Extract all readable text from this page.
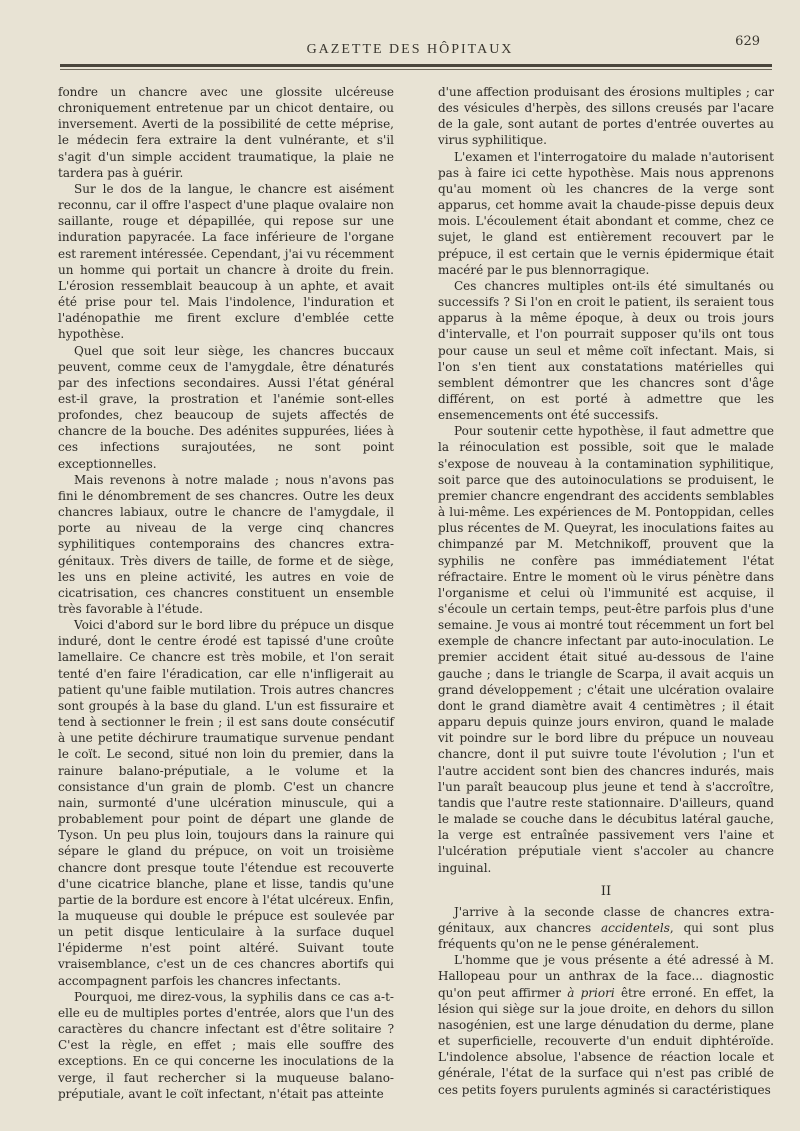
GAZETTE DES HÔPITAUX
629

fondre un chancre avec une glossite ulcéreuse chroniquement entretenue par un chicot dentaire, ou inversement. Averti de la possibilité de cette méprise, le médecin fera extraire la dent vulnérante, et s'il s'agit d'un simple accident traumatique, la plaie ne tardera pas à guérir.

Sur le dos de la langue, le chancre est aisément reconnu, car il offre l'aspect d'une plaque ovalaire non saillante, rouge et dépapillée, qui repose sur une induration papyracée. La face inférieure de l'organe est rarement intéressée. Cependant, j'ai vu récemment un homme qui portait un chancre à droite du frein. L'érosion ressemblait beaucoup à un aphte, et avait été prise pour tel. Mais l'indolence, l'induration et l'adénopathie me firent exclure d'emblée cette hypothèse.

Quel que soit leur siège, les chancres buccaux peuvent, comme ceux de l'amygdale, être dénaturés par des infections secondaires. Aussi l'état général est-il grave, la prostration et l'anémie sont-elles profondes, chez beaucoup de sujets affectés de chancre de la bouche. Des adénites suppurées, liées à ces infections surajoutées, ne sont point exceptionnelles.

Mais revenons à notre malade ; nous n'avons pas fini le dénombrement de ses chancres. Outre les deux chancres labiaux, outre le chancre de l'amygdale, il porte au niveau de la verge cinq chancres syphilitiques contemporains des chancres extra-génitaux. Très divers de taille, de forme et de siège, les uns en pleine activité, les autres en voie de cicatrisation, ces chancres constituent un ensemble très favorable à l'étude.

Voici d'abord sur le bord libre du prépuce un disque induré, dont le centre érodé est tapissé d'une croûte lamellaire. Ce chancre est très mobile, et l'on serait tenté d'en faire l'éradication, car elle n'infligerait au patient qu'une faible mutilation. Trois autres chancres sont groupés à la base du gland. L'un est fissuraire et tend à sectionner le frein ; il est sans doute consécutif à une petite déchirure traumatique survenue pendant le coït. Le second, situé non loin du premier, dans la rainure balano-préputiale, a le volume et la consistance d'un grain de plomb. C'est un chancre nain, surmonté d'une ulcération minuscule, qui a probablement pour point de départ une glande de Tyson. Un peu plus loin, toujours dans la rainure qui sépare le gland du prépuce, on voit un troisième chancre dont presque toute l'étendue est recouverte d'une cicatrice blanche, plane et lisse, tandis qu'une partie de la bordure est encore à l'état ulcéreux. Enfin, la muqueuse qui double le prépuce est soulevée par un petit disque lenticulaire à la surface duquel l'épiderme n'est point altéré. Suivant toute vraisemblance, c'est un de ces chancres abortifs qui accompagnent parfois les chancres infectants.

Pourquoi, me direz-vous, la syphilis dans ce cas a-t-elle eu de multiples portes d'entrée, alors que l'un des caractères du chancre infectant est d'être solitaire ? C'est la règle, en effet ; mais elle souffre des exceptions. En ce qui concerne les inoculations de la verge, il faut rechercher si la muqueuse balano-préputiale, avant le coït infectant, n'était pas atteinte

d'une affection produisant des érosions multiples ; car des vésicules d'herpès, des sillons creusés par l'acare de la gale, sont autant de portes d'entrée ouvertes au virus syphilitique.

L'examen et l'interrogatoire du malade n'autorisent pas à faire ici cette hypothèse. Mais nous apprenons qu'au moment où les chancres de la verge sont apparus, cet homme avait la chaude-pisse depuis deux mois. L'écoulement était abondant et comme, chez ce sujet, le gland est entièrement recouvert par le prépuce, il est certain que le vernis épidermique était macéré par le pus blennorragique.

Ces chancres multiples ont-ils été simultanés ou successifs ? Si l'on en croit le patient, ils seraient tous apparus à la même époque, à deux ou trois jours d'intervalle, et l'on pourrait supposer qu'ils ont tous pour cause un seul et même coït infectant. Mais, si l'on s'en tient aux constatations matérielles qui semblent démontrer que les chancres sont d'âge différent, on est porté à admettre que les ensemencements ont été successifs.

Pour soutenir cette hypothèse, il faut admettre que la réinoculation est possible, soit que le malade s'expose de nouveau à la contamination syphilitique, soit parce que des autoinoculations se produisent, le premier chancre engendrant des accidents semblables à lui-même. Les expériences de M. Pontoppidan, celles plus récentes de M. Queyrat, les inoculations faites au chimpanzé par M. Metchnikoff, prouvent que la syphilis ne confère pas immédiatement l'état réfractaire. Entre le moment où le virus pénètre dans l'organisme et celui où l'immunité est acquise, il s'écoule un certain temps, peut-être parfois plus d'une semaine. Je vous ai montré tout récemment un fort bel exemple de chancre infectant par auto-inoculation. Le premier accident était situé au-dessous de l'aine gauche ; dans le triangle de Scarpa, il avait acquis un grand développement ; c'était une ulcération ovalaire dont le grand diamètre avait 4 centimètres ; il était apparu depuis quinze jours environ, quand le malade vit poindre sur le bord libre du prépuce un nouveau chancre, dont il put suivre toute l'évolution ; l'un et l'autre accident sont bien des chancres indurés, mais l'un paraît beaucoup plus jeune et tend à s'accroître, tandis que l'autre reste stationnaire. D'ailleurs, quand le malade se couche dans le décubitus latéral gauche, la verge est entraînée passivement vers l'aine et l'ulcération préputiale vient s'accoler au chancre inguinal.

II

J'arrive à la seconde classe de chancres extra-génitaux, aux chancres accidentels, qui sont plus fréquents qu'on ne le pense généralement.

L'homme que je vous présente a été adressé à M. Hallopeau pour un anthrax de la face... diagnostic qu'on peut affirmer à priori être erroné. En effet, la lésion qui siège sur la joue droite, en dehors du sillon nasogénien, est une large dénudation du derme, plane et superficielle, recouverte d'un enduit diphtéroïde. L'indolence absolue, l'absence de réaction locale et générale, l'état de la surface qui n'est pas criblé de ces petits foyers purulents agminés si caractéristiques
